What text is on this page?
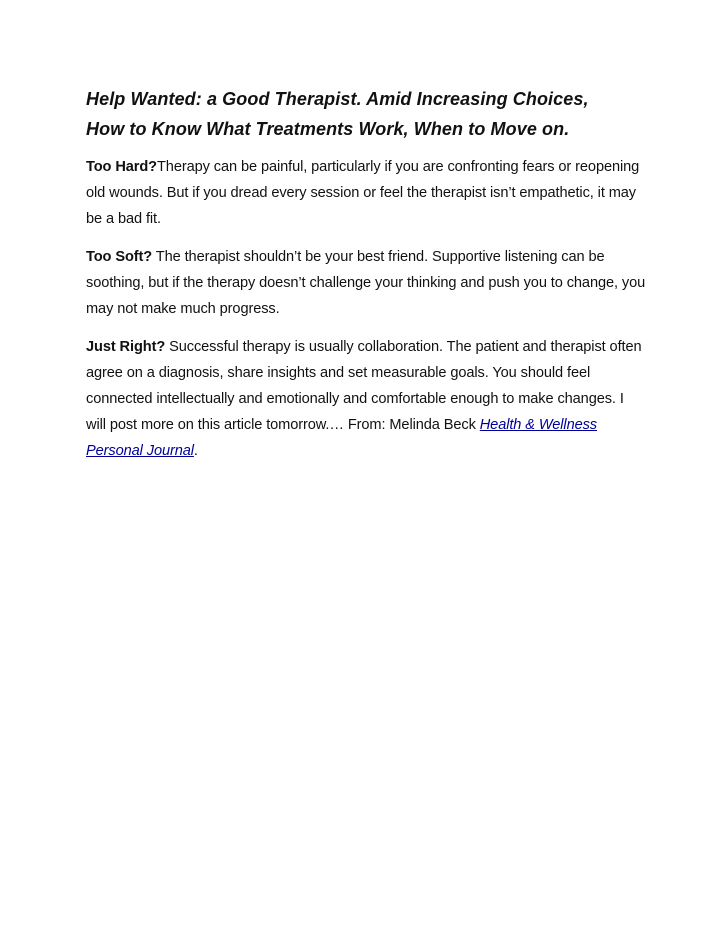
Help Wanted: a Good Therapist. Amid Increasing Choices,
How to Know What Treatments Work, When to Move on.

Too Hard?Therapy can be painful, particularly if you are confronting fears or reopening old wounds. But if you dread every session or feel the therapist isn’t empathetic, it may be a bad fit.

Too Soft? The therapist shouldn’t be your best friend. Supportive listening can be soothing, but if the therapy doesn’t challenge your thinking and push you to change, you may not make much progress.

Just Right? Successful therapy is usually collaboration. The patient and therapist often agree on a diagnosis, share insights and set measurable goals. You should feel connected intellectually and emotionally and comfortable enough to make changes. I will post more on this article tomorrow.… From: Melinda Beck Health & Wellness Personal Journal.
